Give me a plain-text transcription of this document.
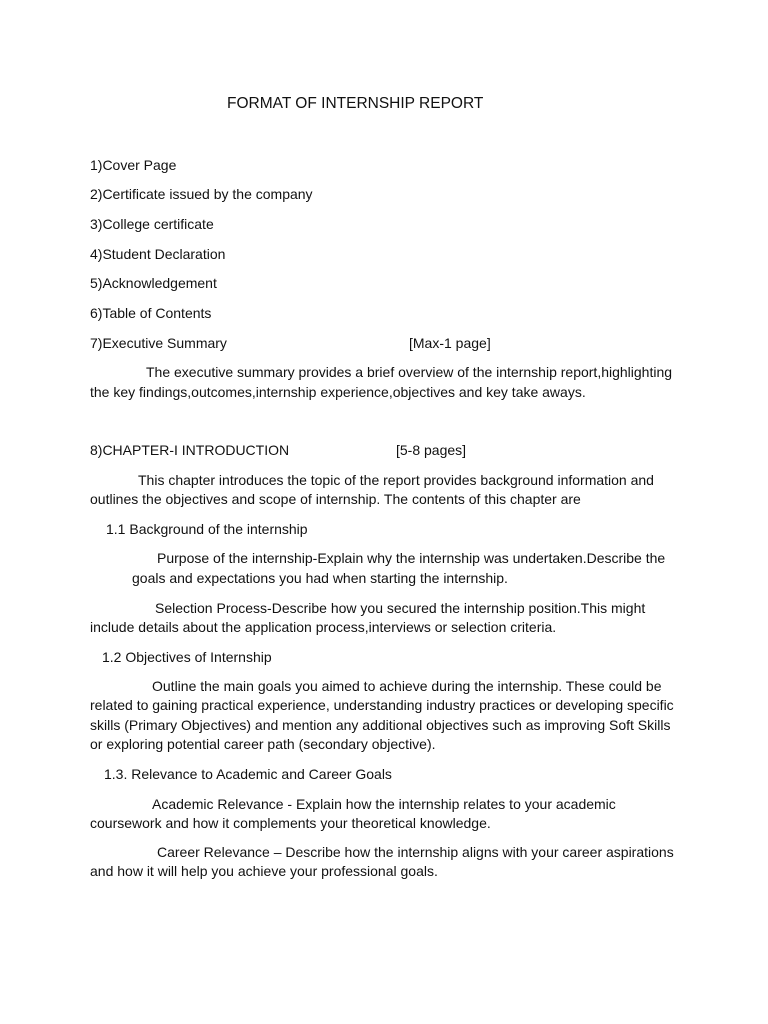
FORMAT OF INTERNSHIP REPORT
1)Cover Page
2)Certificate issued by the company
3)College certificate
4)Student Declaration
5)Acknowledgement
6)Table of Contents
7)Executive Summary	[Max-1 page]
The executive summary provides a brief overview of the internship report,highlighting
the key findings,outcomes,internship experience,objectives and key take aways.
8)CHAPTER-I INTRODUCTION	[5-8 pages]
This chapter introduces the topic of the report provides background information and
outlines the objectives and scope of internship. The contents of this chapter are
1.1 Background of the internship
Purpose of the internship-Explain why the internship was undertaken.Describe the
goals and expectations you had when starting the internship.
Selection Process-Describe how you secured the internship position.This might
include details about the application process,interviews or selection criteria.
1.2 Objectives of Internship
Outline the main goals you aimed to achieve during the internship. These could be
related to gaining practical experience, understanding industry practices or developing specific
skills (Primary Objectives) and mention any additional objectives such as improving Soft Skills
or exploring potential career path (secondary objective).
1.3. Relevance to Academic and Career Goals
Academic Relevance - Explain how the internship relates to your academic
coursework and how it complements your theoretical knowledge.
Career Relevance – Describe how the internship aligns with your career aspirations
and how it will help you achieve your professional goals.
